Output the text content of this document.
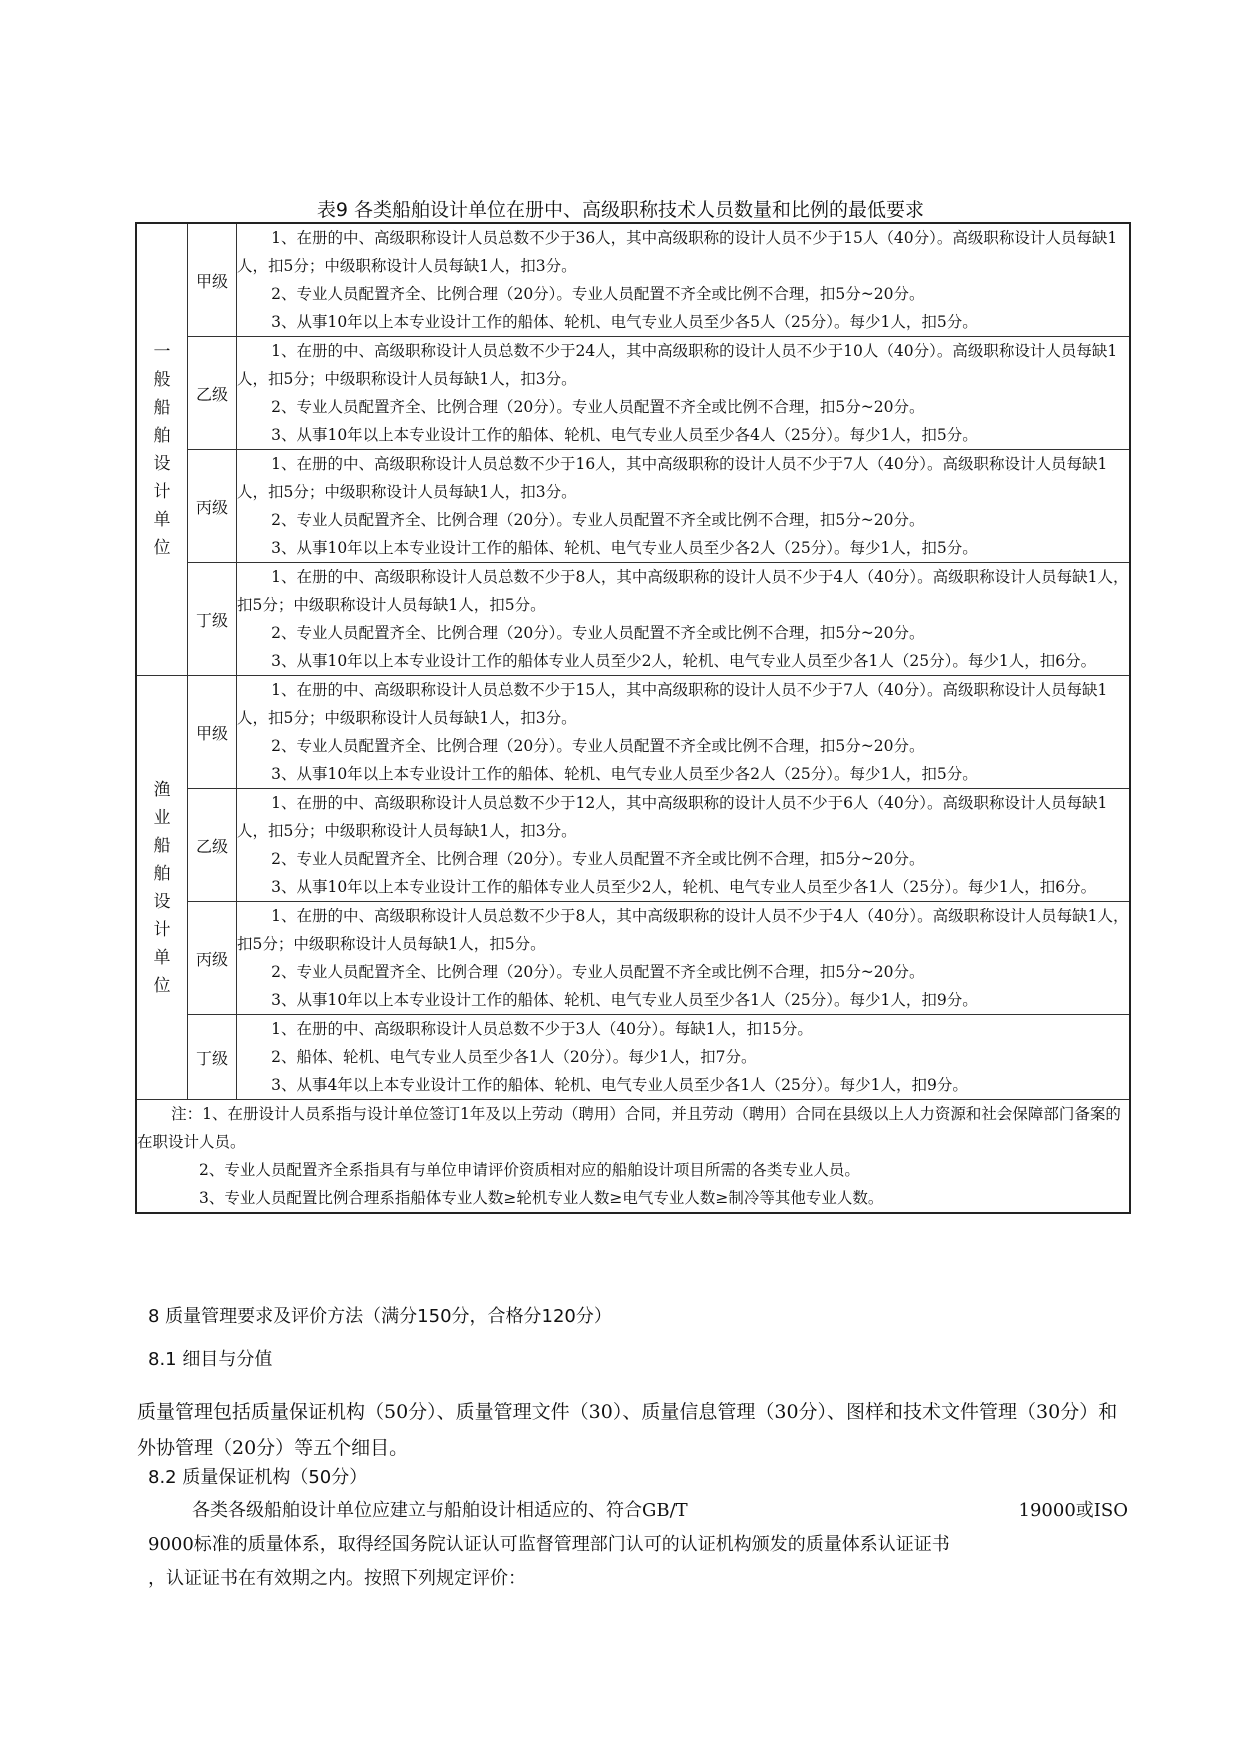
表9 各类船舶设计单位在册中、高级职称技术人员数量和比例的最低要求
一般船舶设计单位	甲级	1、在册的中、高级职称设计人员总数不少于36人，其中高级职称的设计人员不少于15人（40分）。高级职称设计人员每缺1人，扣5分；中级职称设计人员每缺1人，扣3分。
2、专业人员配置齐全、比例合理（20分）。专业人员配置不齐全或比例不合理，扣5分~20分。
3、从事10年以上本专业设计工作的船体、轮机、电气专业人员至少各5人（25分）。每少1人，扣5分。

	乙级	1、在册的中、高级职称设计人员总数不少于24人，其中高级职称的设计人员不少于10人（40分）。高级职称设计人员每缺1人，扣5分；中级职称设计人员每缺1人，扣3分。
2、专业人员配置齐全、比例合理（20分）。专业人员配置不齐全或比例不合理，扣5分~20分。
3、从事10年以上本专业设计工作的船体、轮机、电气专业人员至少各4人（25分）。每少1人，扣5分。

	丙级	1、在册的中、高级职称设计人员总数不少于16人，其中高级职称的设计人员不少于7人（40分）。高级职称设计人员每缺1人，扣5分；中级职称设计人员每缺1人，扣3分。
2、专业人员配置齐全、比例合理（20分）。专业人员配置不齐全或比例不合理，扣5分~20分。
3、从事10年以上本专业设计工作的船体、轮机、电气专业人员至少各2人（25分）。每少1人，扣5分。

	丁级	1、在册的中、高级职称设计人员总数不少于8人，其中高级职称的设计人员不少于4人（40分）。高级职称设计人员每缺1人，扣5分；中级职称设计人员每缺1人，扣5分。
2、专业人员配置齐全、比例合理（20分）。专业人员配置不齐全或比例不合理，扣5分~20分。
3、从事10年以上本专业设计工作的船体专业人员至少2人，轮机、电气专业人员至少各1人（25分）。每少1人，扣6分。

渔业船舶设计单位	甲级	1、在册的中、高级职称设计人员总数不少于15人，其中高级职称的设计人员不少于7人（40分）。高级职称设计人员每缺1人，扣5分；中级职称设计人员每缺1人，扣3分。
2、专业人员配置齐全、比例合理（20分）。专业人员配置不齐全或比例不合理，扣5分~20分。
3、从事10年以上本专业设计工作的船体、轮机、电气专业人员至少各2人（25分）。每少1人，扣5分。

	乙级	1、在册的中、高级职称设计人员总数不少于12人，其中高级职称的设计人员不少于6人（40分）。高级职称设计人员每缺1人，扣5分；中级职称设计人员每缺1人，扣3分。
2、专业人员配置齐全、比例合理（20分）。专业人员配置不齐全或比例不合理，扣5分~20分。
3、从事10年以上本专业设计工作的船体专业人员至少2人，轮机、电气专业人员至少各1人（25分）。每少1人，扣6分。

	丙级	1、在册的中、高级职称设计人员总数不少于8人，其中高级职称的设计人员不少于4人（40分）。高级职称设计人员每缺1人，扣5分；中级职称设计人员每缺1人，扣5分。
2、专业人员配置齐全、比例合理（20分）。专业人员配置不齐全或比例不合理，扣5分~20分。
3、从事10年以上本专业设计工作的船体、轮机、电气专业人员至少各1人（25分）。每少1人，扣9分。

	丁级	1、在册的中、高级职称设计人员总数不少于3人（40分）。每缺1人，扣15分。
2、船体、轮机、电气专业人员至少各1人（20分）。每少1人，扣7分。
3、从事4年以上本专业设计工作的船体、轮机、电气专业人员至少各1人（25分）。每少1人，扣9分。

注：1、在册设计人员系指与设计单位签订1年及以上劳动（聘用）合同，并且劳动（聘用）合同在县级以上人力资源和社会保障部门备案的在职设计人员。
2、专业人员配置齐全系指具有与单位申请评价资质相对应的船舶设计项目所需的各类专业人员。
3、专业人员配置比例合理系指船体专业人数≥轮机专业人数≥电气专业人数≥制冷等其他专业人数。		
8 质量管理要求及评价方法（满分150分，合格分120分）
8.1 细目与分值
质量管理包括质量保证机构（50分）、质量管理文件（30）、质量信息管理（30分）、图样和技术文件管理（30分）和外协管理（20分）等五个细目。
8.2 质量保证机构（50分）
各类各级船舶设计单位应建立与船舶设计相适应的、符合GB/T	19000或ISO
9000标准的质量体系，取得经国务院认证认可监督管理部门认可的认证机构颁发的质量体系认证证书
，认证证书在有效期之内。按照下列规定评价：
